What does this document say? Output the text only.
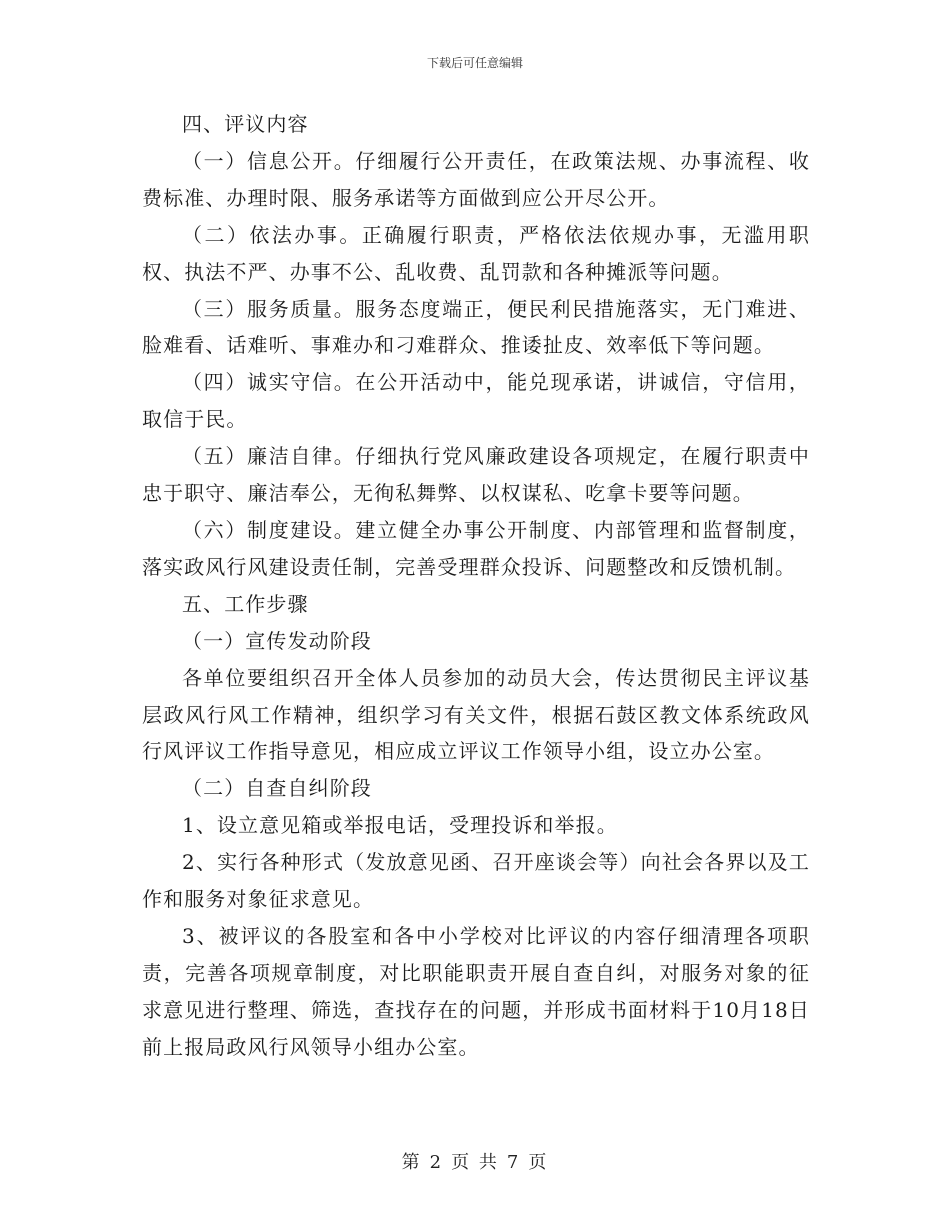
下载后可任意编辑

四、评议内容

（一）信息公开。仔细履行公开责任，在政策法规、办事流程、收费标准、办理时限、服务承诺等方面做到应公开尽公开。

（二）依法办事。正确履行职责，严格依法依规办事，无滥用职权、执法不严、办事不公、乱收费、乱罚款和各种摊派等问题。

（三）服务质量。服务态度端正，便民利民措施落实，无门难进、脸难看、话难听、事难办和刁难群众、推诿扯皮、效率低下等问题。

（四）诚实守信。在公开活动中，能兑现承诺，讲诚信，守信用，取信于民。

（五）廉洁自律。仔细执行党风廉政建设各项规定，在履行职责中忠于职守、廉洁奉公，无徇私舞弊、以权谋私、吃拿卡要等问题。

（六）制度建设。建立健全办事公开制度、内部管理和监督制度，落实政风行风建设责任制，完善受理群众投诉、问题整改和反馈机制。

五、工作步骤

（一）宣传发动阶段

各单位要组织召开全体人员参加的动员大会，传达贯彻民主评议基层政风行风工作精神，组织学习有关文件，根据石鼓区教文体系统政风行风评议工作指导意见，相应成立评议工作领导小组，设立办公室。

（二）自查自纠阶段

1、设立意见箱或举报电话，受理投诉和举报。

2、实行各种形式（发放意见函、召开座谈会等）向社会各界以及工作和服务对象征求意见。

3、被评议的各股室和各中小学校对比评议的内容仔细清理各项职责，完善各项规章制度，对比职能职责开展自查自纠，对服务对象的征求意见进行整理、筛选，查找存在的问题，并形成书面材料于10月18日前上报局政风行风领导小组办公室。

第 2 页 共 7 页
